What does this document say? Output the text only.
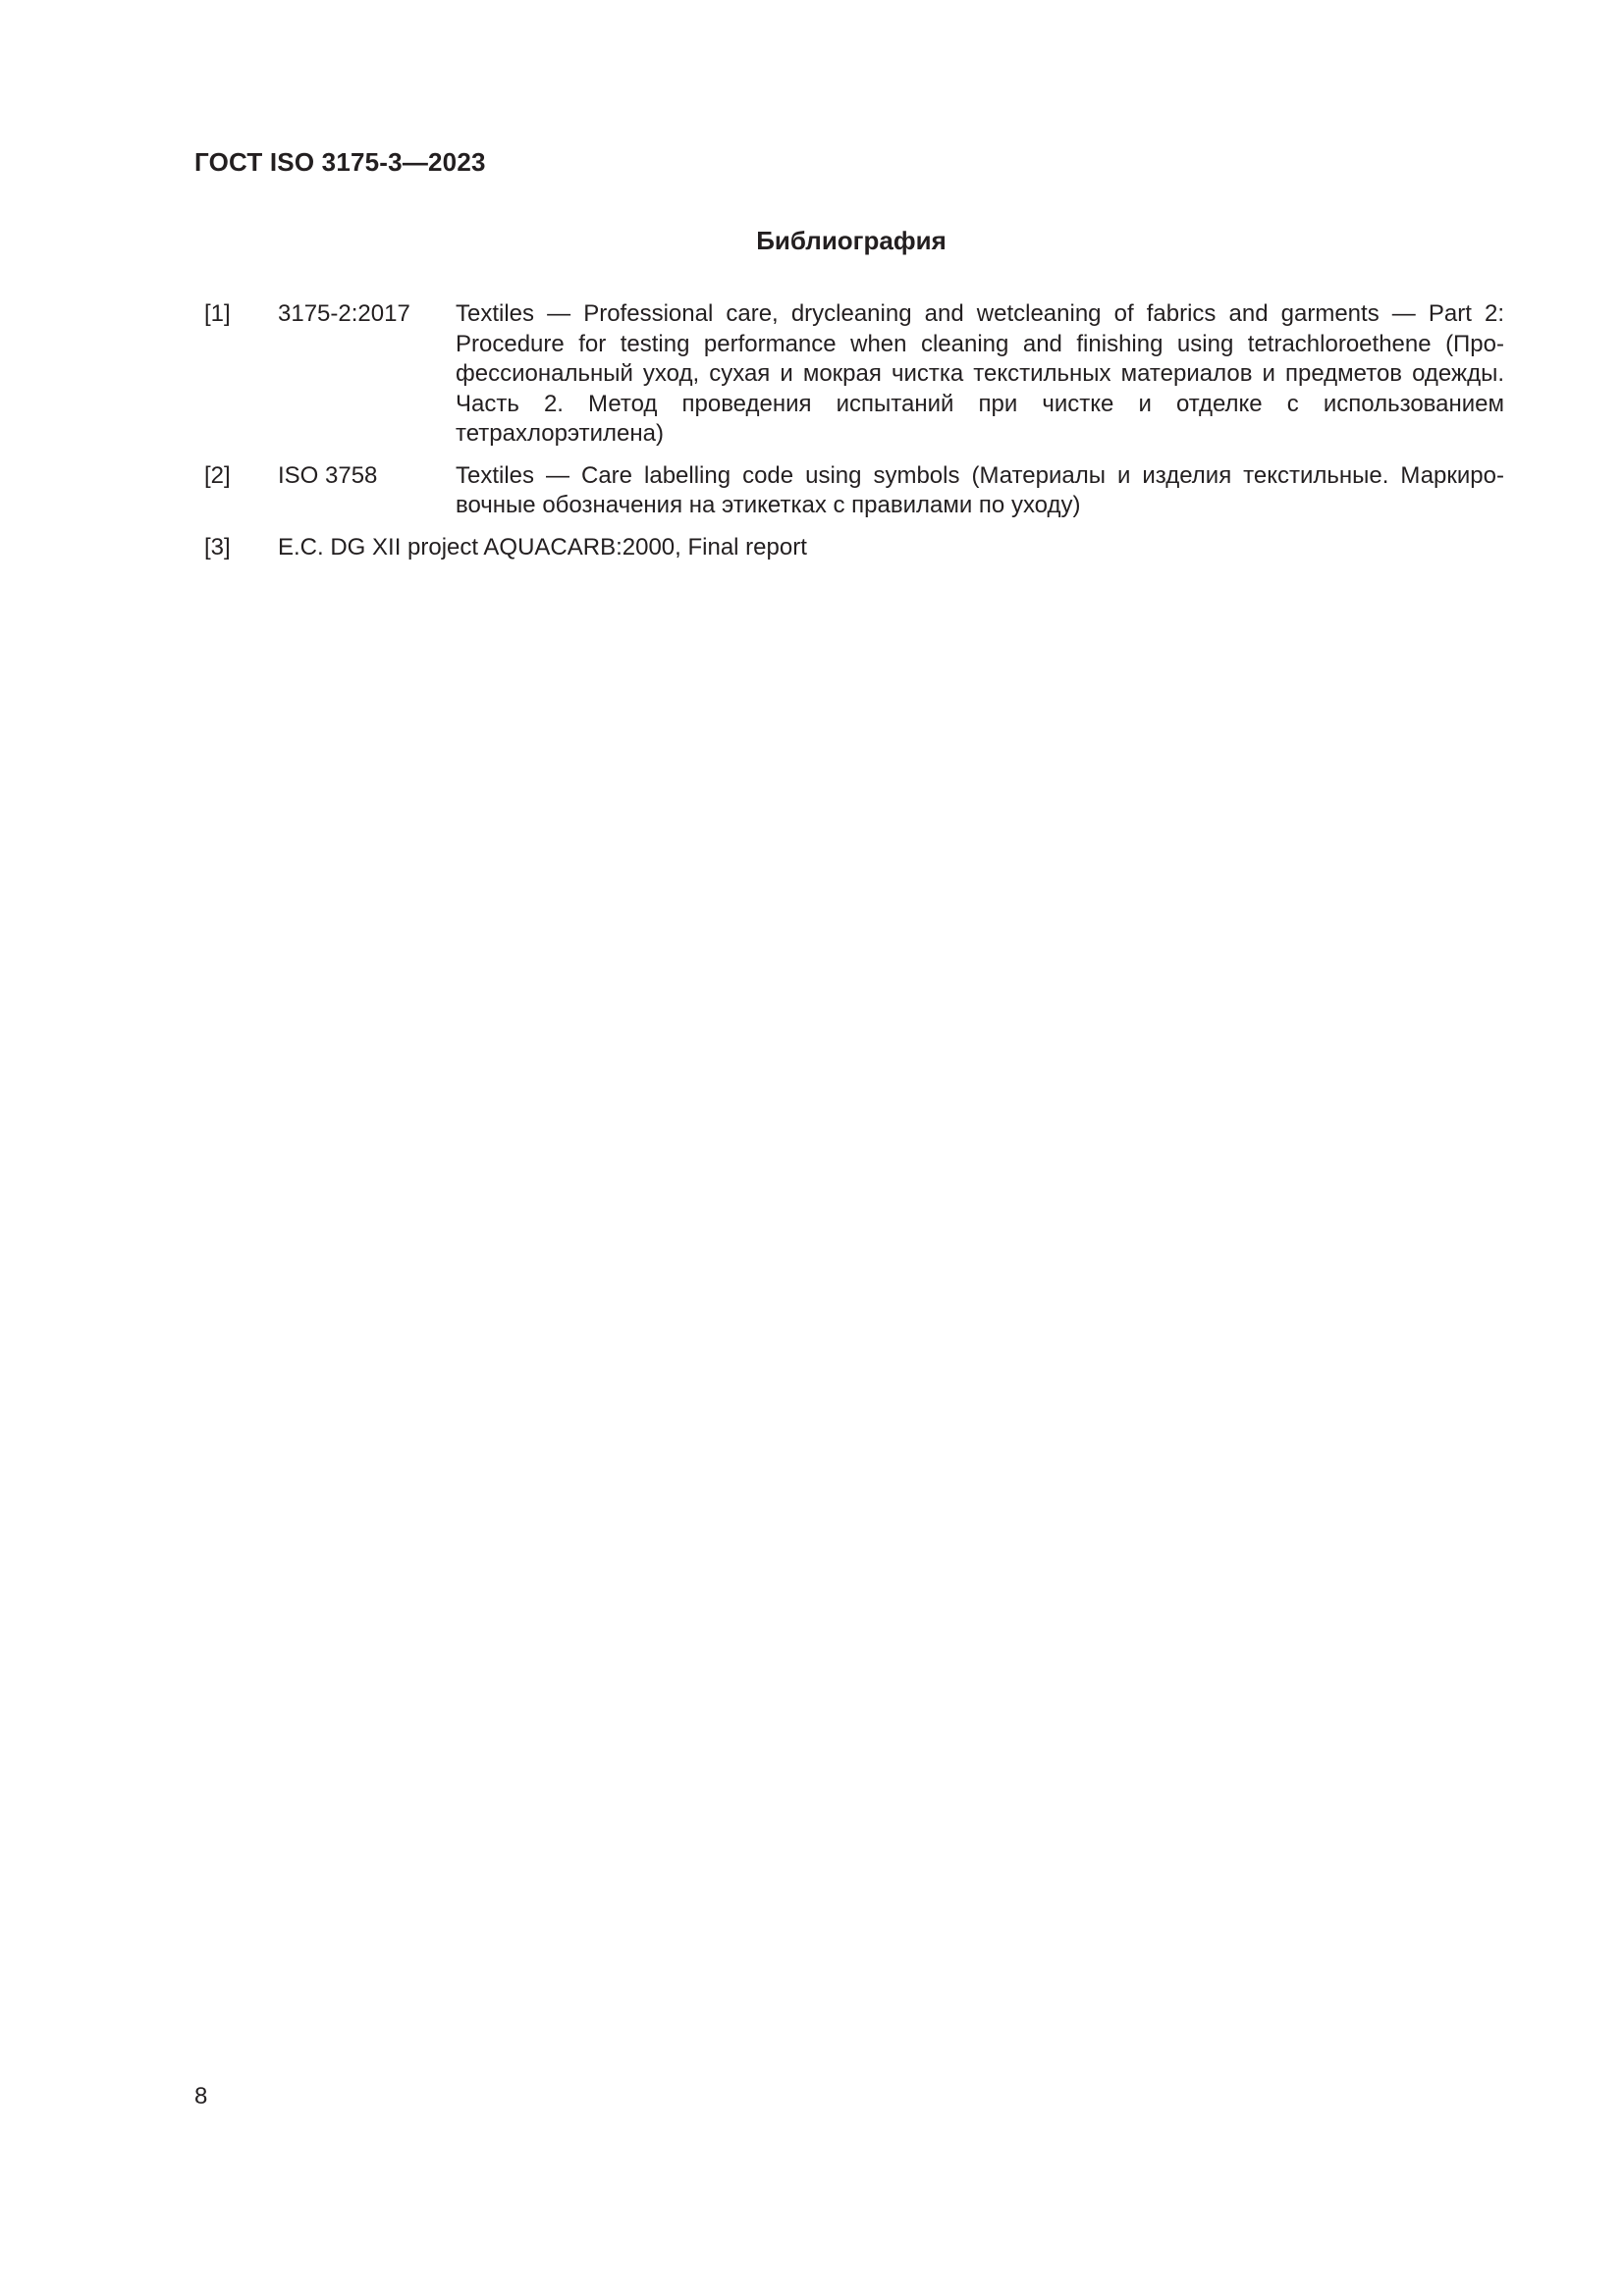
ГОСТ ISO 3175-3—2023
Библиография
[1] 3175-2:2017 Textiles — Professional care, drycleaning and wetcleaning of fabrics and garments — Part 2: Procedure for testing performance when cleaning and finishing using tetrachloroethene (Профессиональный уход, сухая и мокрая чистка текстильных материалов и предметов одежды. Часть 2. Метод проведения испытаний при чистке и отделке с использованием тетрахлорэтилена)
[2] ISO 3758	Textiles — Care labelling code using symbols (Материалы и изделия текстильные. Маркировочные обозначения на этикетках с правилами по уходу)
[3] E.C. DG XII project AQUACARB:2000, Final report
8
